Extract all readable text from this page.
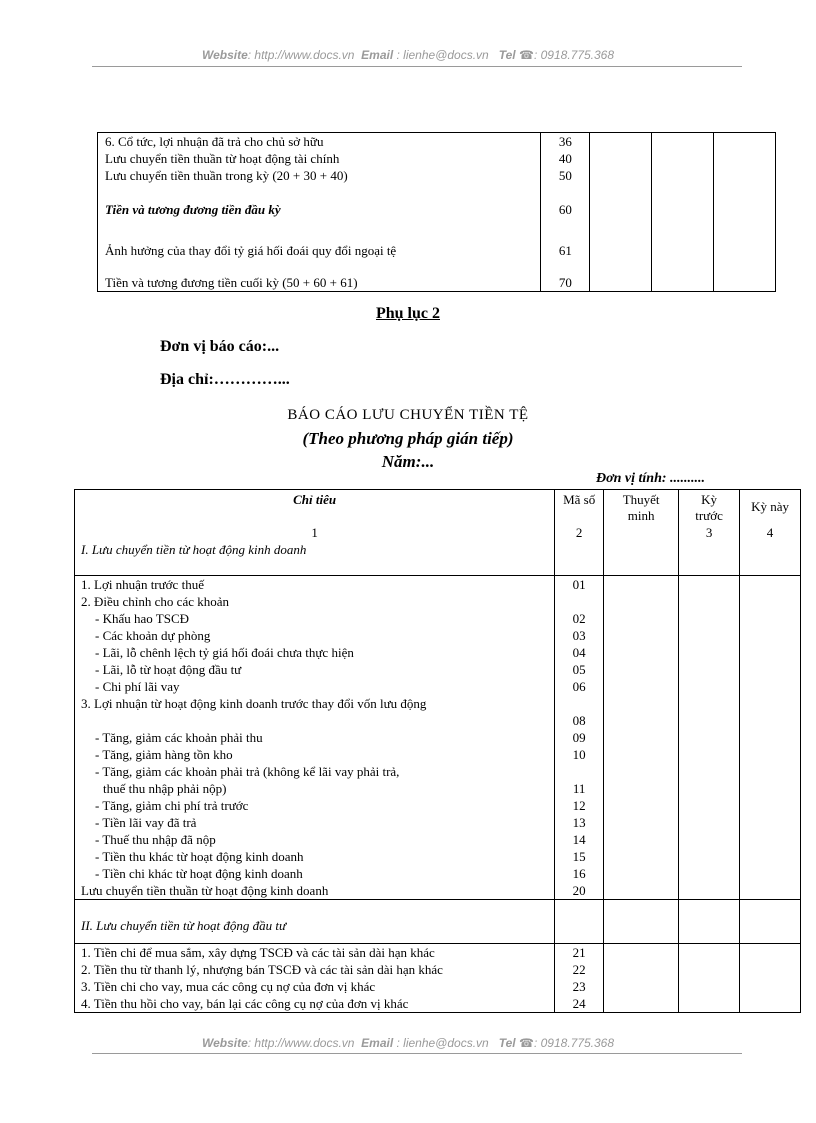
Website: http://www.docs.vn Email : lienhe@docs.vn Tel ☎: 0918.775.368
6. Cổ tức, lợi nhuận đã trả cho chủ sở hữu	36			
Lưu chuyển tiền thuần từ hoạt động tài chính	40			
Lưu chuyển tiền thuần trong kỳ (20 + 30 + 40)	50			
Tiền và tương đương tiền đầu kỳ	60			
Ảnh hưởng của thay đổi tỷ giá hối đoái quy đổi ngoại tệ	61			
Tiền và tương đương tiền cuối kỳ (50 + 60 + 61)	70			
Phụ lục 2
Đơn vị báo cáo:...
Địa chỉ:…………...
BÁO CÁO LƯU CHUYỂN TIỀN TỆ
(Theo phương pháp gián tiếp)
Năm:...
Đơn vị tính: ..........
Chỉ tiêu	Mã số	Thuyết minh	Kỳ trước	Kỳ này
1	2		3	4
I. Lưu chuyển tiền từ hoạt động kinh doanh				
1. Lợi nhuận trước thuế	01			
2. Điều chỉnh cho các khoản				
- Khấu hao TSCĐ	02			
- Các khoản dự phòng	03			
- Lãi, lỗ chênh lệch tỷ giá hối đoái chưa thực hiện	04			
- Lãi, lỗ từ hoạt động đầu tư	05			
- Chi phí lãi vay	06			
3. Lợi nhuận từ hoạt động kinh doanh trước thay đổi vốn lưu động				
	08			
- Tăng, giảm các khoản phải thu	09			
- Tăng, giảm hàng tồn kho	10			
- Tăng, giảm các khoản phải trả (không kể lãi vay phải trả,				
thuế thu nhập phải nộp)	11			
- Tăng, giảm chi phí trả trước	12			
- Tiền lãi vay đã trả	13			
- Thuế thu nhập đã nộp	14			
- Tiền thu khác từ hoạt động kinh doanh	15			
- Tiền chi khác từ hoạt động kinh doanh	16			
Lưu chuyển tiền thuần từ hoạt động kinh doanh	20			
II. Lưu chuyển tiền từ hoạt động đầu tư				
1. Tiền chi để mua sắm, xây dựng TSCĐ và các tài sản dài hạn khác	21			
2. Tiền thu từ thanh lý, nhượng bán TSCĐ và các tài sản dài hạn khác	22			
3. Tiền chi cho vay, mua các công cụ nợ của đơn vị khác	23			
4. Tiền thu hồi cho vay, bán lại các công cụ nợ của đơn vị khác	24			
Website: http://www.docs.vn Email : lienhe@docs.vn Tel ☎: 0918.775.368
